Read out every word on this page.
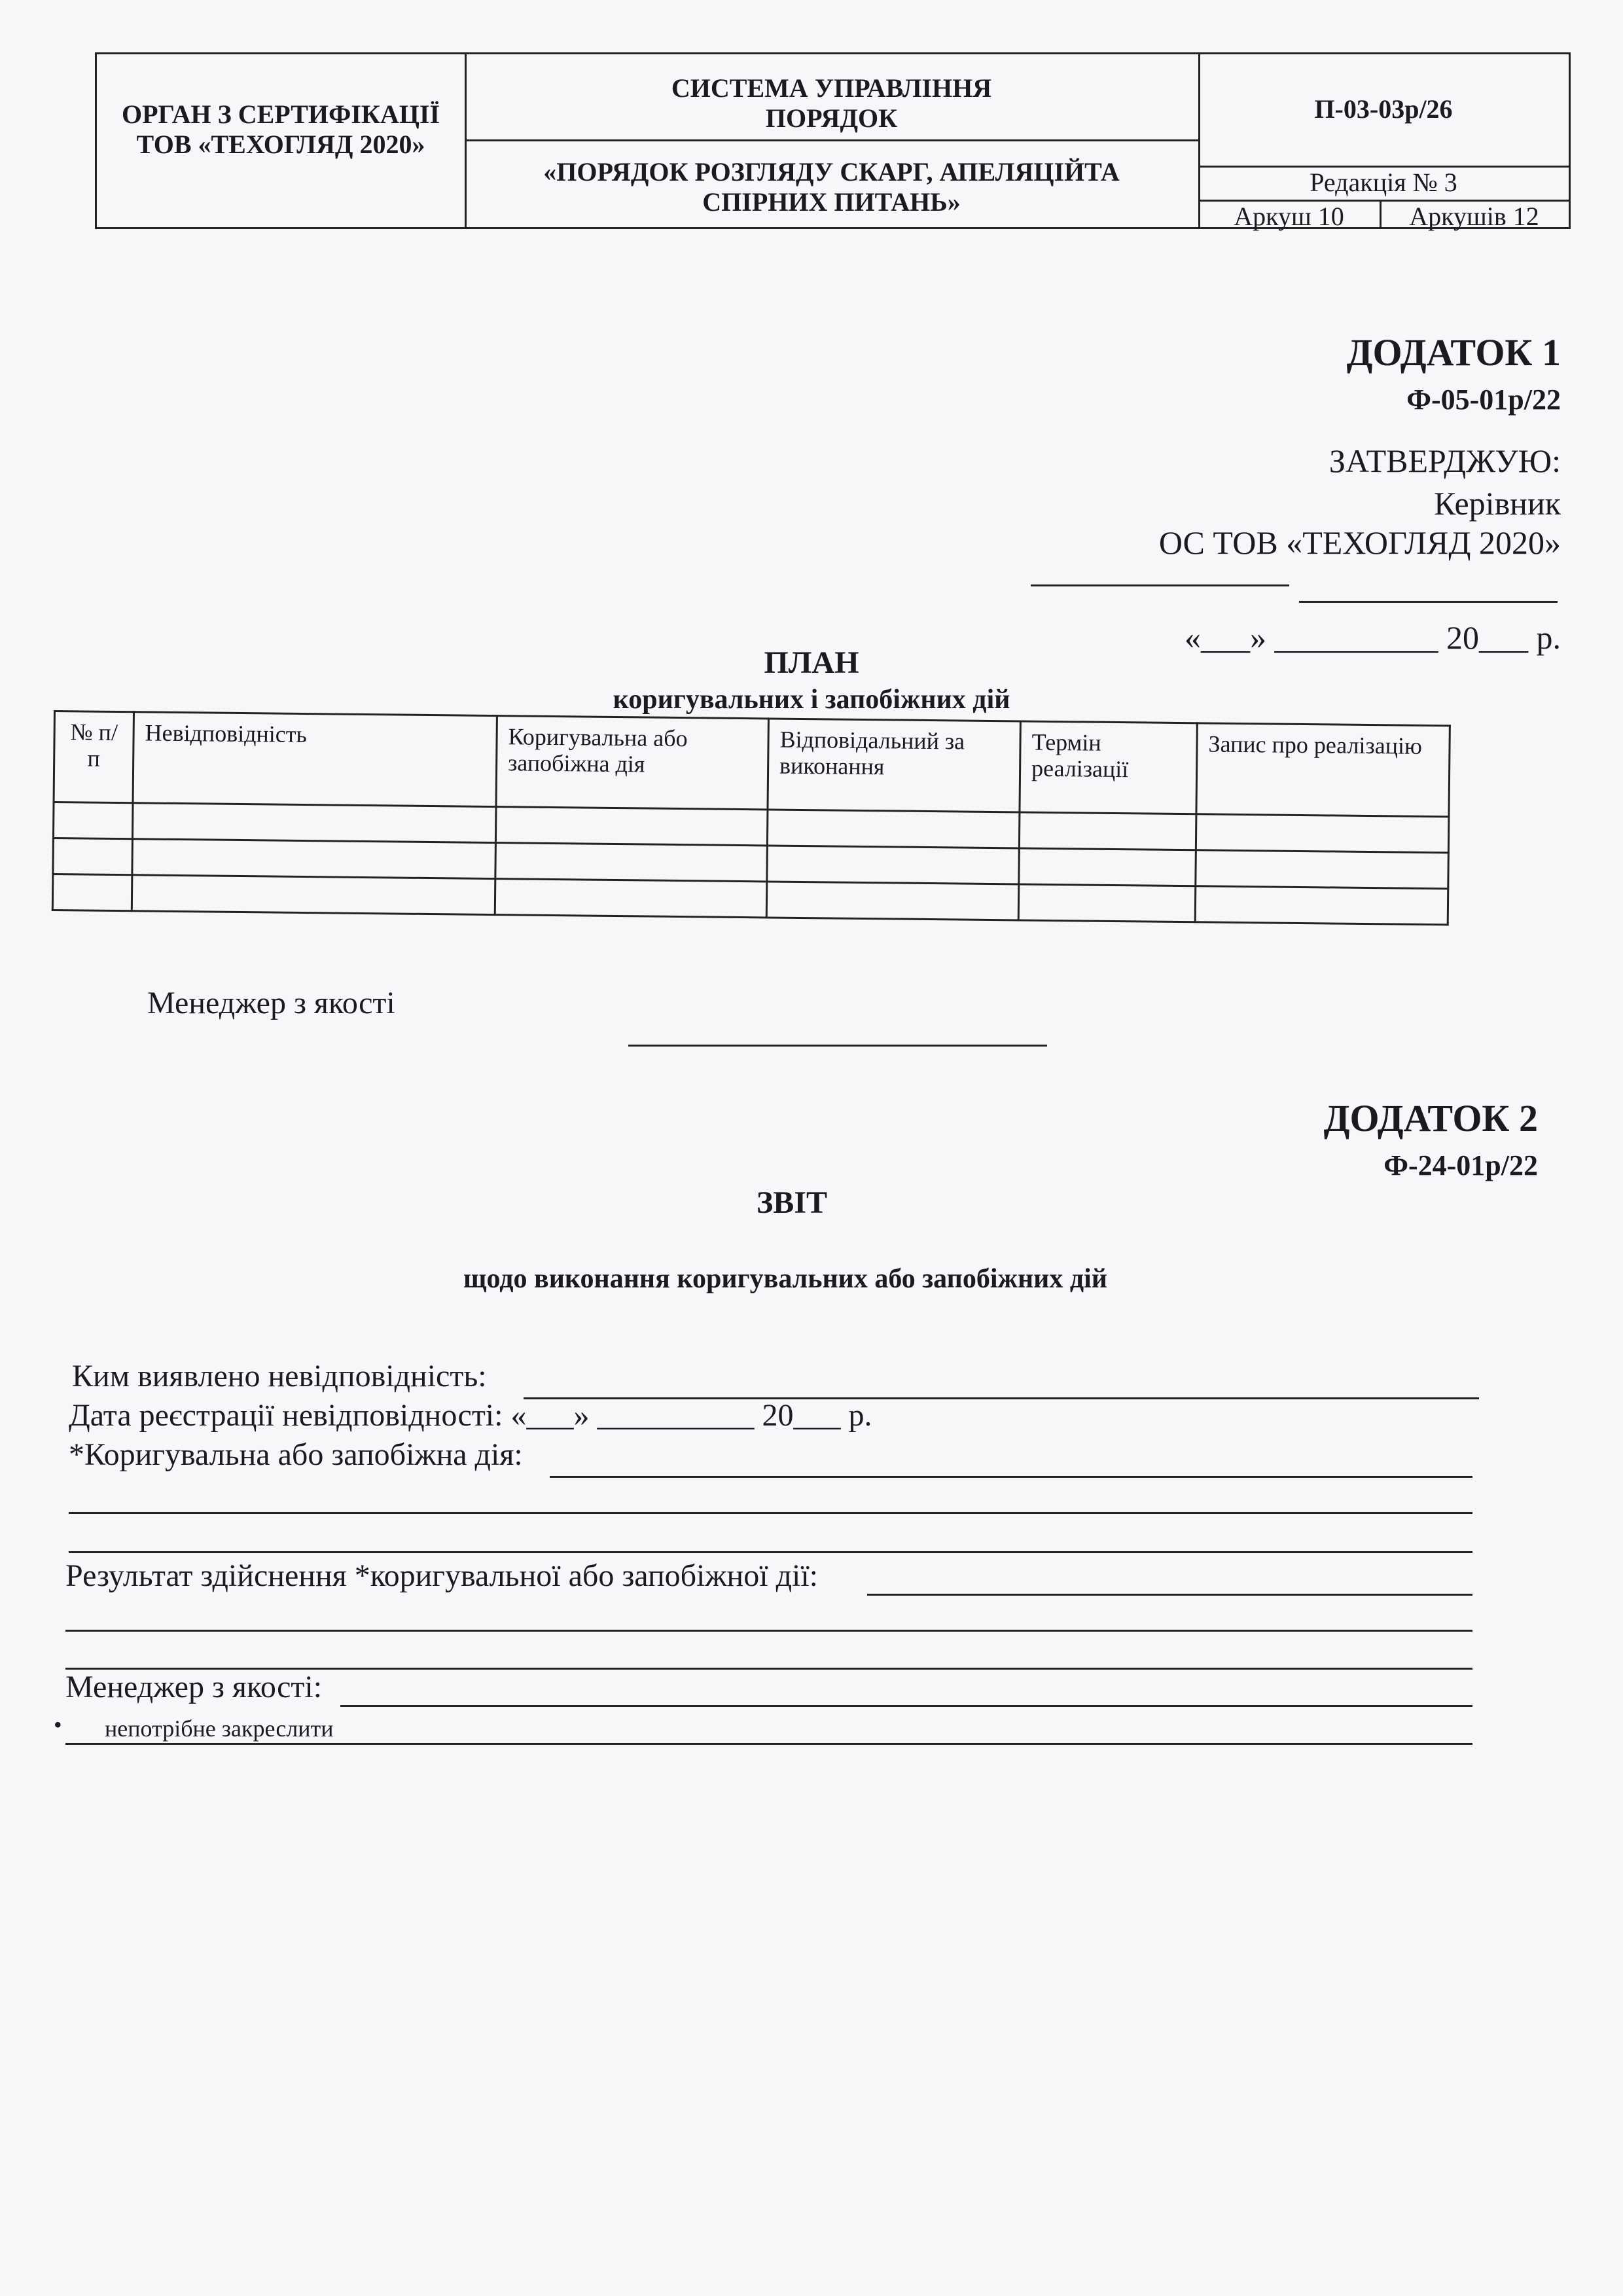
ОРГАН З СЕРТИФІКАЦІЇ
ТОВ «ТЕХОГЛЯД 2020»
СИСТЕМА УПРАВЛІННЯ
ПОРЯДОК
«ПОРЯДОК РОЗГЛЯДУ СКАРГ, АПЕЛЯЦІЙТА
СПІРНИХ ПИТАНЬ»
П-03-03р/26
Редакція № 3
Аркуш 10	Аркушів 12
ДОДАТОК 1
Ф-05-01р/22
ЗАТВЕРДЖУЮ:
Керівник
ОС ТОВ «ТЕХОГЛЯД 2020»
«___» __________ 20___ р.
ПЛАН
коригувальних і запобіжних дій
№ п/п	Невідповідність	Коригувальна або запобіжна дія	Відповідальний за виконання	Термін реалізації	Запис про реалізацію

Менеджер з якості
ДОДАТОК 2
Ф-24-01р/22
ЗВІТ
щодо виконання коригувальних або запобіжних дій
Ким виявлено невідповідність:
Дата реєстрації невідповідності: «___» __________ 20___ р.
*Коригувальна або запобіжна дія:
Результат здійснення *коригувальної або запобіжної дії:
Менеджер з якості:
• непотрібне закреслити
